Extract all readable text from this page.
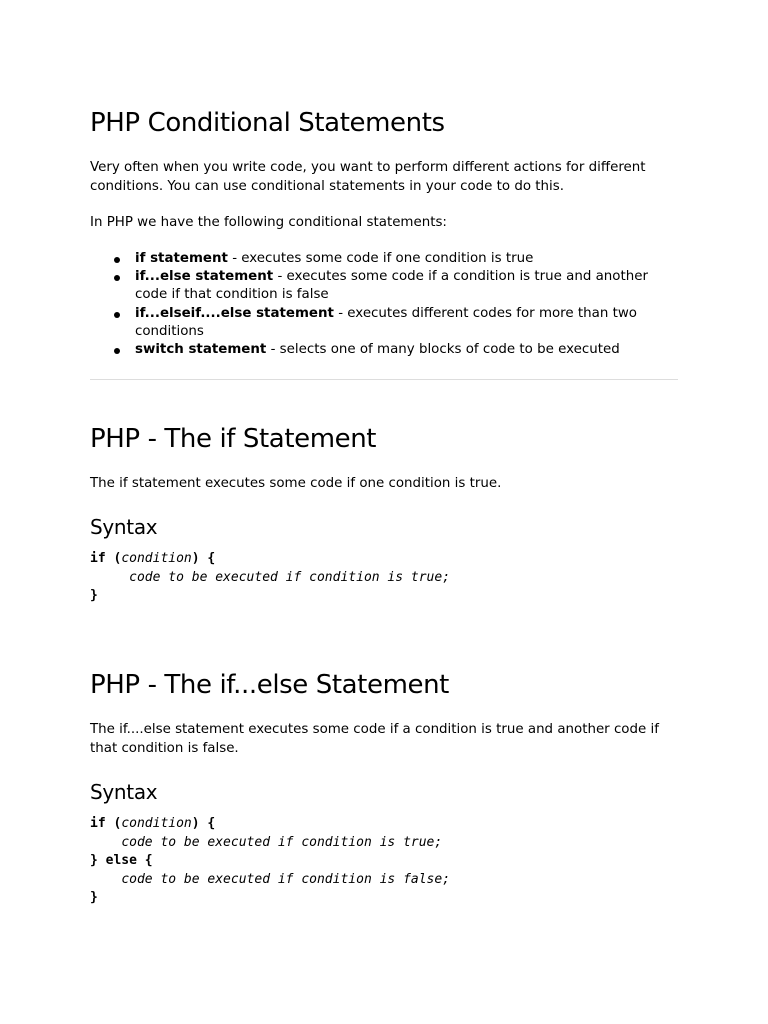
PHP Conditional Statements

Very often when you write code, you want to perform different actions for different conditions. You can use conditional statements in your code to do this.

In PHP we have the following conditional statements:

if statement - executes some code if one condition is true
if...else statement - executes some code if a condition is true and another code if that condition is false
if...elseif....else statement - executes different codes for more than two conditions
switch statement - selects one of many blocks of code to be executed
PHP - The if Statement

The if statement executes some code if one condition is true.

Syntax
if (condition) {
code to be executed if condition is true;
}
PHP - The if...else Statement

The if....else statement executes some code if a condition is true and another code if that condition is false.

Syntax
if (condition) {
code to be executed if condition is true;
} else {
code to be executed if condition is false;
}
